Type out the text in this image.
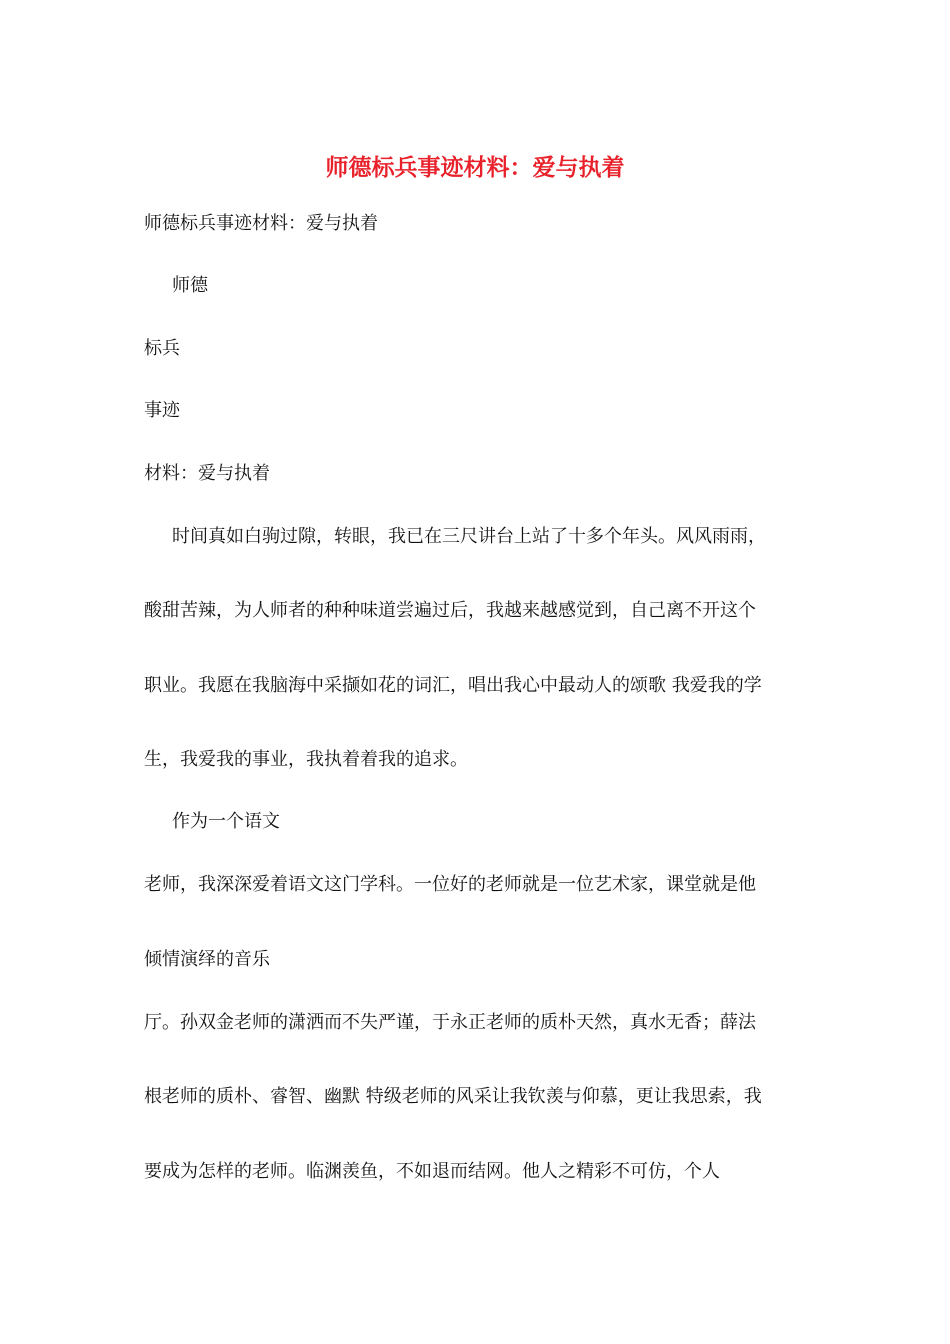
师德标兵事迹材料：爱与执着

师德标兵事迹材料：爱与执着

师德

标兵

事迹

材料：爱与执着

时间真如白驹过隙，转眼，我已在三尺讲台上站了十多个年头。风风雨雨，

酸甜苦辣，为人师者的种种味道尝遍过后，我越来越感觉到，自己离不开这个

职业。我愿在我脑海中采撷如花的词汇，唱出我心中最动人的颂歌 我爱我的学

生，我爱我的事业，我执着着我的追求。

作为一个语文

老师，我深深爱着语文这门学科。一位好的老师就是一位艺术家，课堂就是他

倾情演绎的音乐

厅。孙双金老师的潇洒而不失严谨，于永正老师的质朴天然，真水无香；薛法

根老师的质朴、睿智、幽默 特级老师的风采让我钦羡与仰慕，更让我思索，我

要成为怎样的老师。临渊羡鱼，不如退而结网。他人之精彩不可仿，个人
